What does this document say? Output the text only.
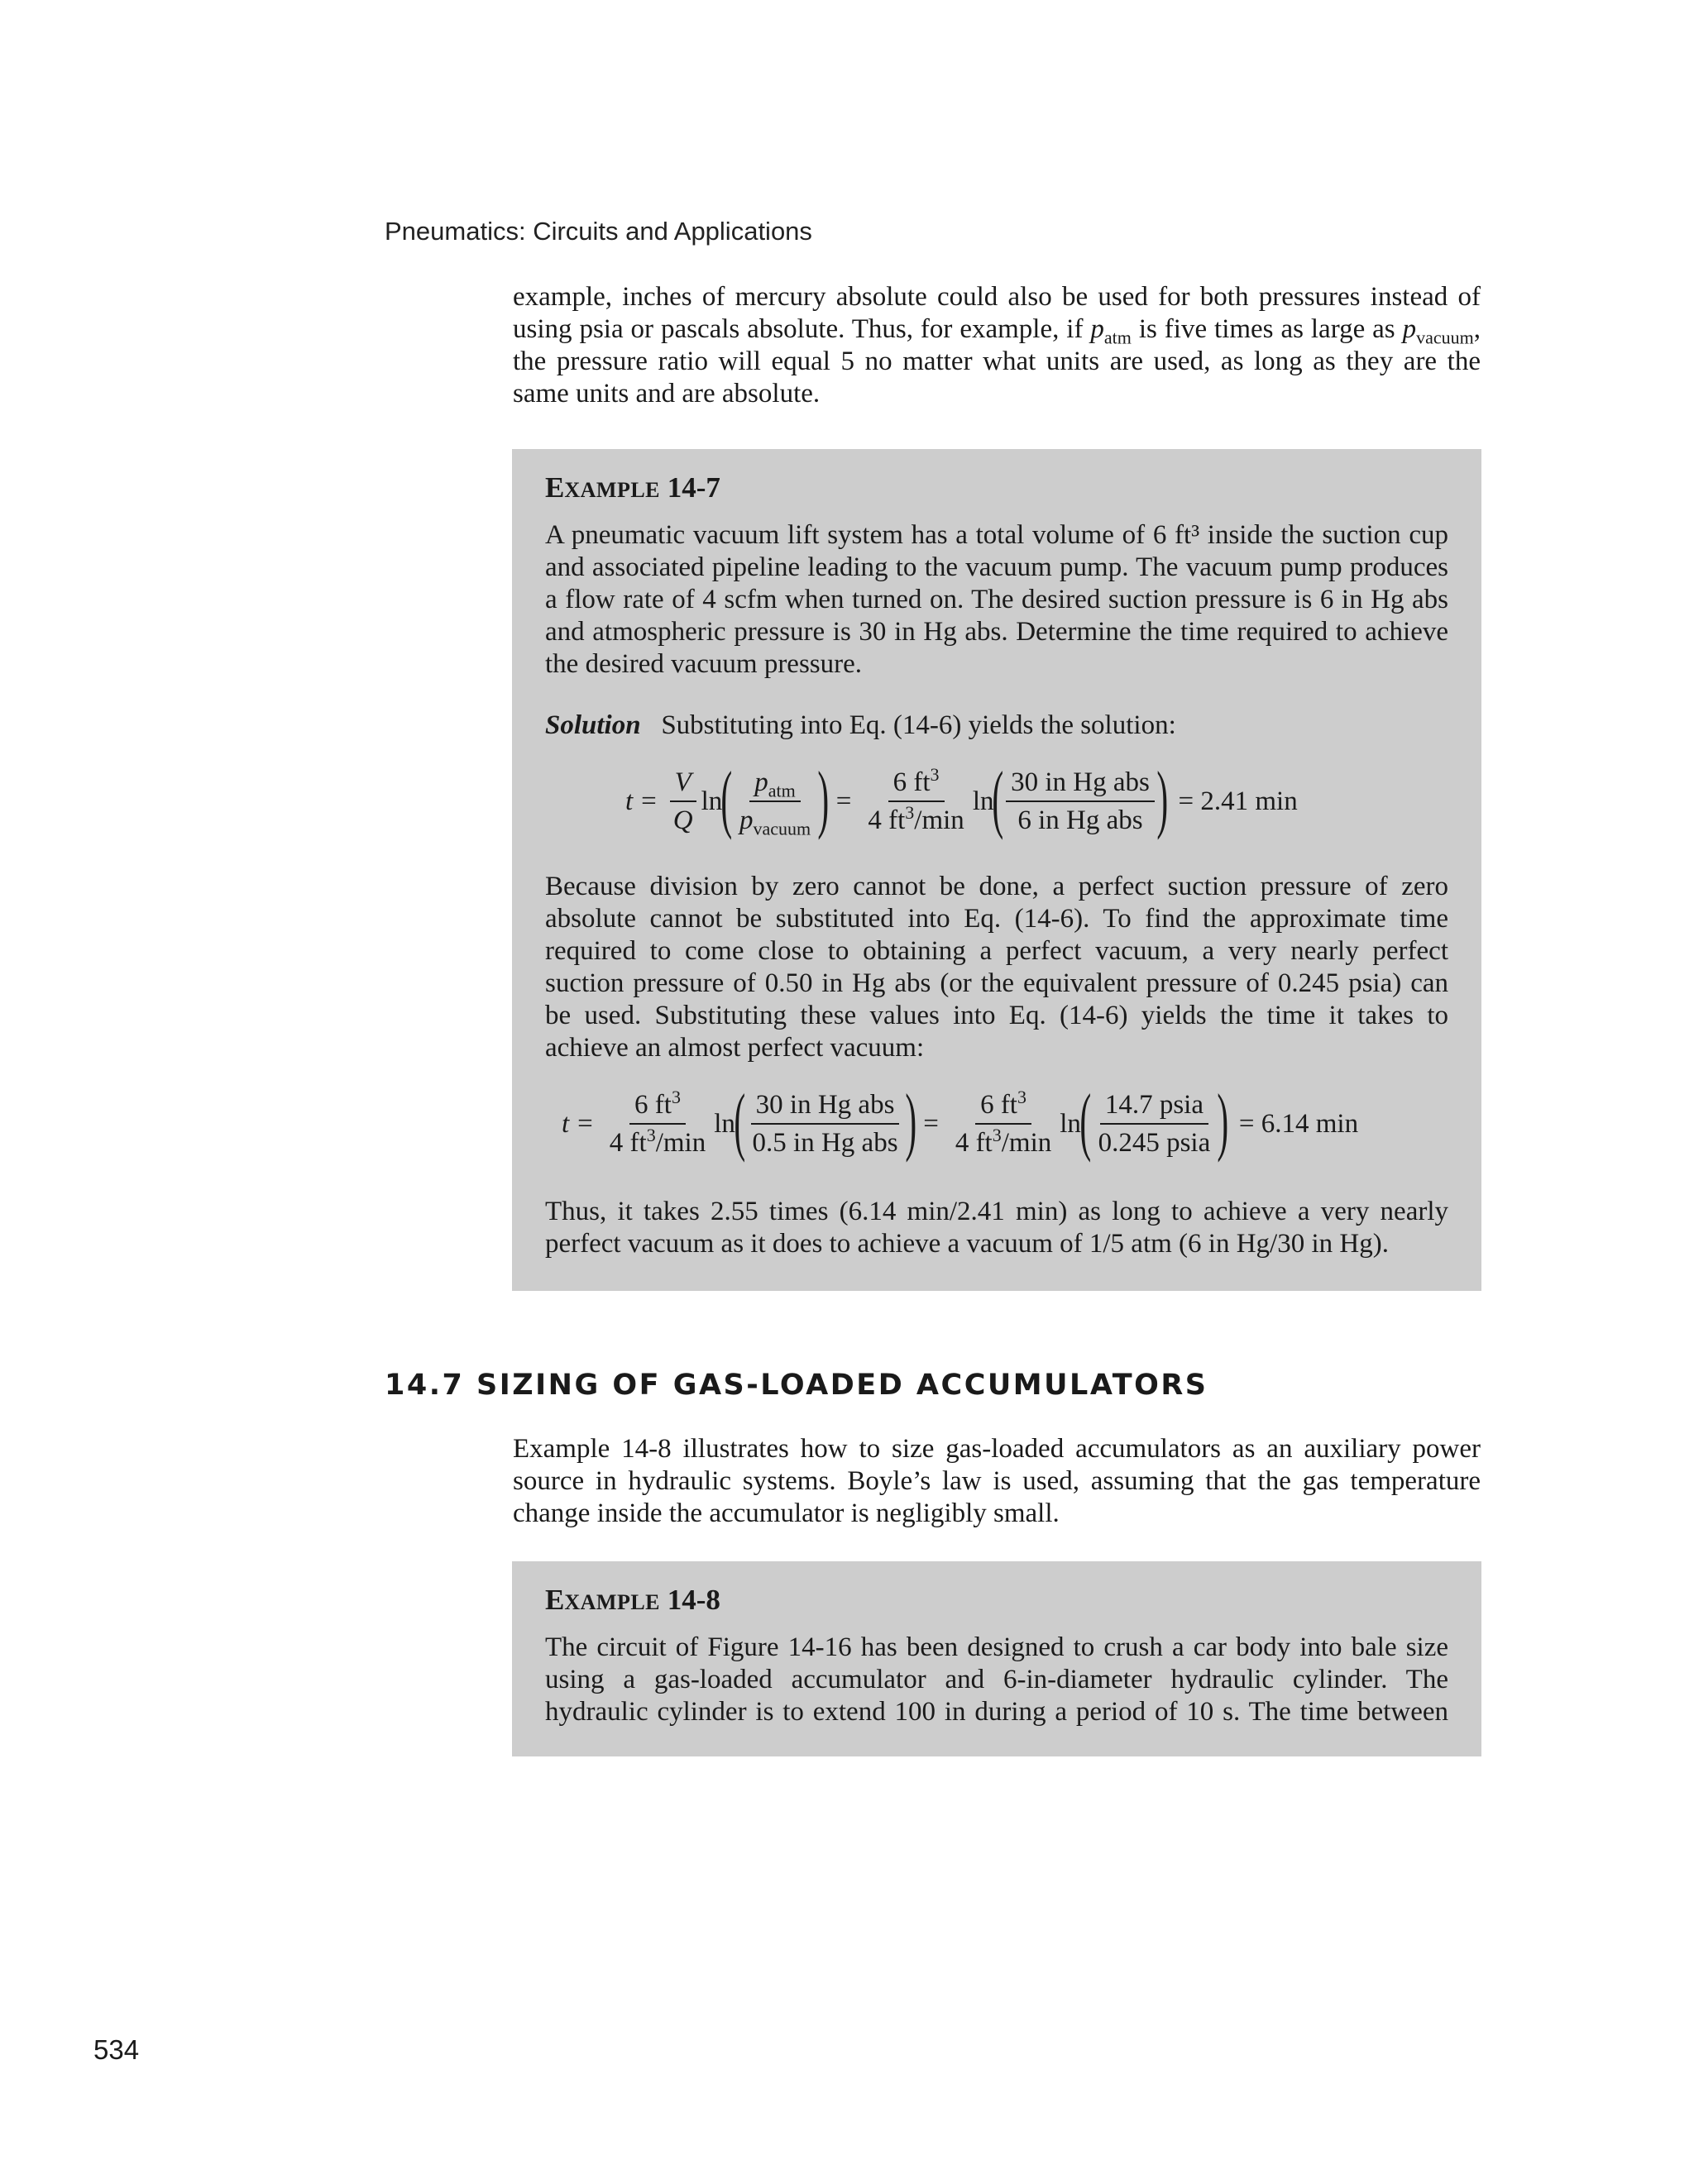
Pneumatics: Circuits and Applications
example, inches of mercury absolute could also be used for both pressures instead of
using psia or pascals absolute. Thus, for example, if $p_{atm}$ is five times as large as $p_{vacuum}$,
the pressure ratio will equal 5 no matter what units are used, as long as they are the
same units and are absolute.
EXAMPLE 14-7

A pneumatic vacuum lift system has a total volume of 6 ft³ inside the suction cup and associated pipeline leading to the vacuum pump. The vacuum pump produces a flow rate of 4 scfm when turned on. The desired suction pressure is 6 in Hg abs and atmospheric pressure is 30 in Hg abs. Determine the time required to achieve the desired vacuum pressure.

Solution Substituting into Eq. (14-6) yields the solution:

$t = \frac{V}{Q}$ ln
( $\frac{p_{atm}}{p_{vacuum}}$ ) = $\frac{6 ft^3}{4 ft^3/\min}$ ln
( $\frac{\text{30 in Hg abs}}{\text{6 in Hg abs}}$ ) = 2.41 min

Because division by zero cannot be done, a perfect suction pressure of zero absolute cannot be substituted into Eq. (14-6). To find the approximate time required to come close to obtaining a perfect vacuum, a very nearly perfect suction pressure of 0.50 in Hg abs (or the equivalent pressure of 0.245 psia) can be used. Substituting these values into Eq. (14-6) yields the time it takes to achieve an almost perfect vacuum:

$t = \frac{6 ft^3}{4 ft^3/\min}$ ln
( $\frac{\text{30 in Hg abs}}{\text{0.5 in Hg abs}}$ ) = $\frac{6 ft^3}{4 ft^3/\min}$ ln
( $\frac{\text{14.7 psia}}{\text{0.245 psia}}$ ) = 6.14 min

Thus, it takes 2.55 times (6.14 min/2.41 min) as long to achieve a very nearly perfect vacuum as it does to achieve a vacuum of 1/5 atm (6 in Hg/30 in Hg).

14.7 SIZING OF GAS-LOADED ACCUMULATORS

Example 14-8 illustrates how to size gas-loaded accumulators as an auxiliary power source in hydraulic systems. Boyle’s law is used, assuming that the gas temperature change inside the accumulator is negligibly small.

EXAMPLE 14-8

The circuit of Figure 14-16 has been designed to crush a car body into bale size using a gas-loaded accumulator and 6-in-diameter hydraulic cylinder. The hydraulic cylinder is to extend 100 in during a period of 10 s. The time between

534
